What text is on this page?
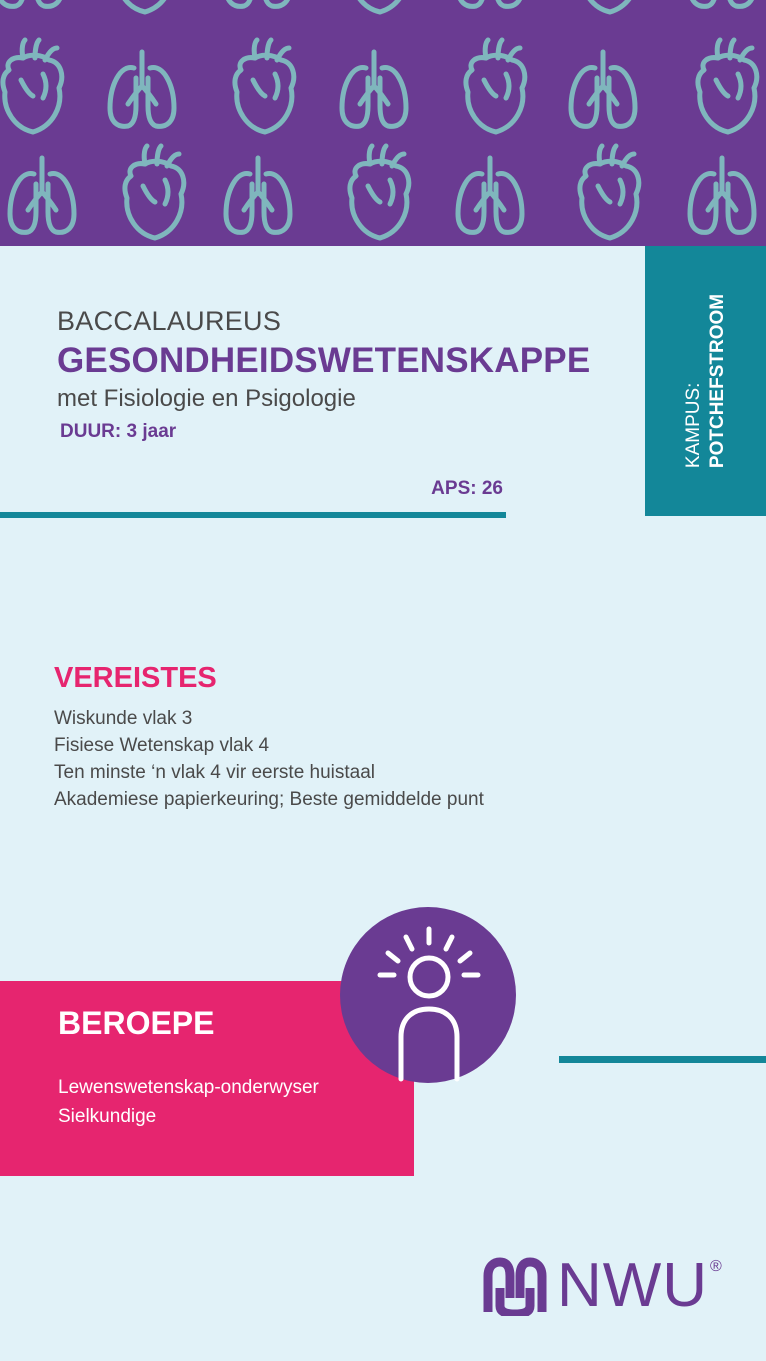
KAMPUS: POTCHEFSTROOM
BACCALAUREUS
GESONDHEIDSWETENSKAPPE
met Fisiologie en Psigologie
DUUR: 3 jaar
APS: 26
VEREISTES
Wiskunde vlak 3
Fisiese Wetenskap vlak 4
Ten minste ‘n vlak 4 vir eerste huistaal
Akademiese papierkeuring; Beste gemiddelde punt
BEROEPE
Lewenswetenskap-onderwyser
Sielkundige
NWU ®
